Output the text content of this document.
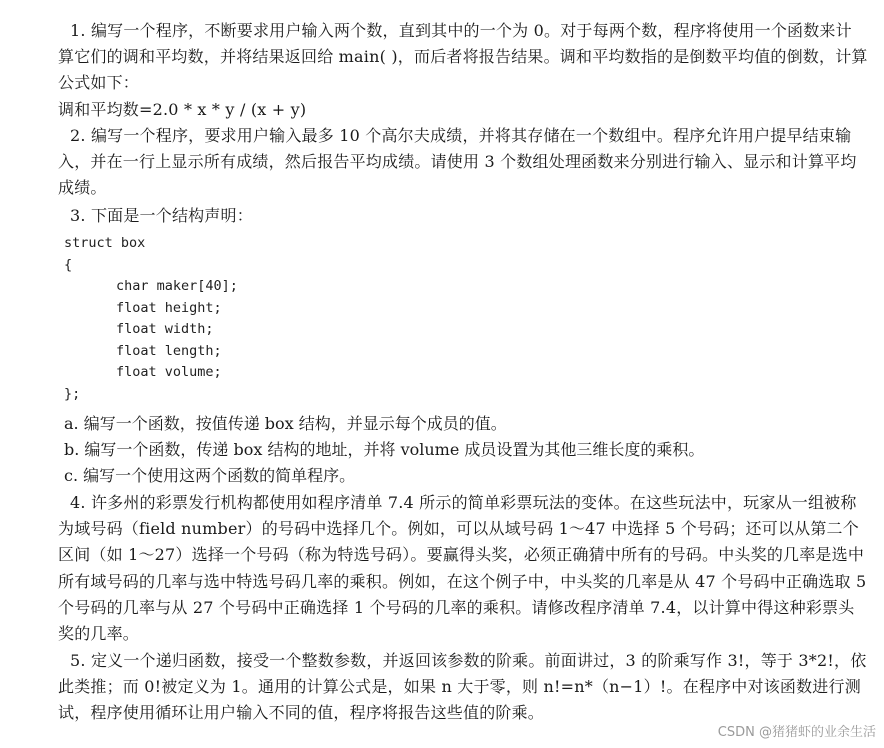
1. 编写一个程序，不断要求用户输入两个数，直到其中的一个为 0。对于每两个数，程序将使用一个函数来计算它们的调和平均数，并将结果返回给 main( )，而后者将报告结果。调和平均数指的是倒数平均值的倒数，计算公式如下：

调和平均数=2.0 * x * y / (x + y)

2. 编写一个程序，要求用户输入最多 10 个高尔夫成绩，并将其存储在一个数组中。程序允许用户提早结束输入，并在一行上显示所有成绩，然后报告平均成绩。请使用 3 个数组处理函数来分别进行输入、显示和计算平均成绩。

3. 下面是一个结构声明：

struct box
{
char maker[40];
float height;
float width;
float length;
float volume;
};

a. 编写一个函数，按值传递 box 结构，并显示每个成员的值。

b. 编写一个函数，传递 box 结构的地址，并将 volume 成员设置为其他三维长度的乘积。

c. 编写一个使用这两个函数的简单程序。

4. 许多州的彩票发行机构都使用如程序清单 7.4 所示的简单彩票玩法的变体。在这些玩法中，玩家从一组被称为域号码（field number）的号码中选择几个。例如，可以从域号码 1～47 中选择 5 个号码；还可以从第二个区间（如 1～27）选择一个号码（称为特选号码）。要赢得头奖，必须正确猜中所有的号码。中头奖的几率是选中所有域号码的几率与选中特选号码几率的乘积。例如，在这个例子中，中头奖的几率是从 47 个号码中正确选取 5 个号码的几率与从 27 个号码中正确选择 1 个号码的几率的乘积。请修改程序清单 7.4，以计算中得这种彩票头奖的几率。

5. 定义一个递归函数，接受一个整数参数，并返回该参数的阶乘。前面讲过，3 的阶乘写作 3!，等于 3*2!，依此类推；而 0!被定义为 1。通用的计算公式是，如果 n 大于零，则 n!=n*（n−1）!。在程序中对该函数进行测试，程序使用循环让用户输入不同的值，程序将报告这些值的阶乘。

CSDN @猪猪虾的业余生活
